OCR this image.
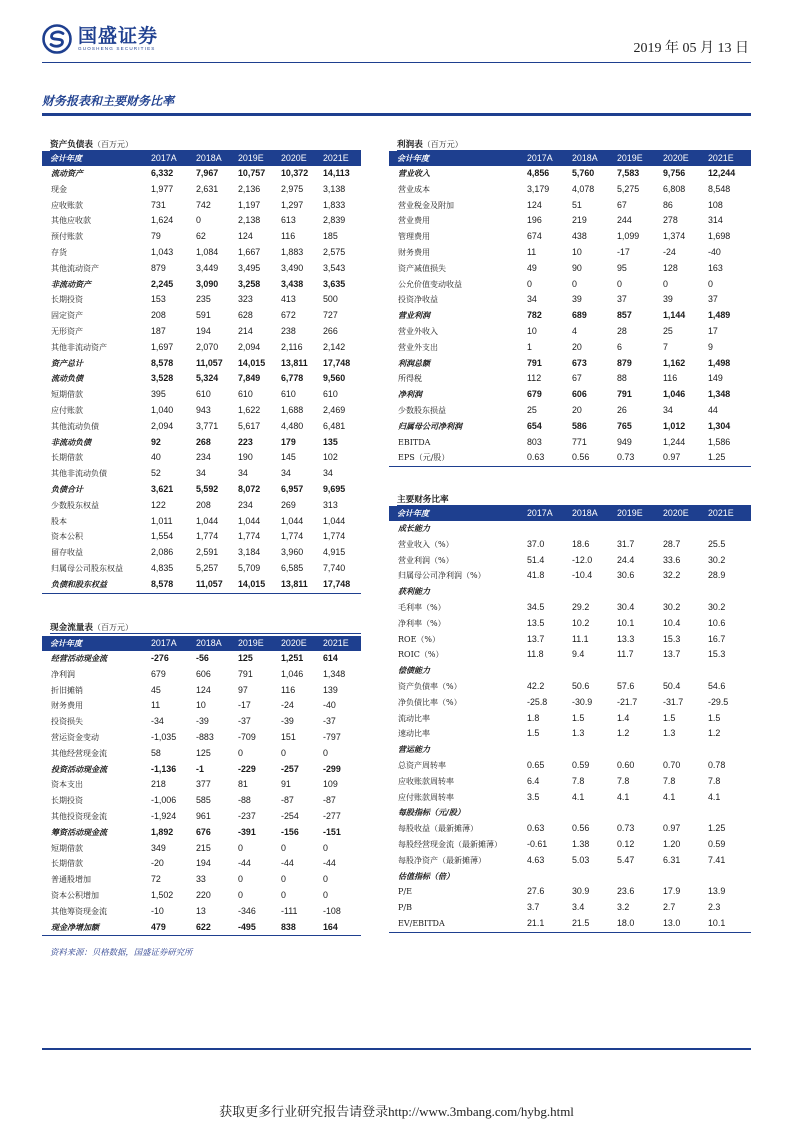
国盛证券
GUOSHENG SECURITIES	2019 年 05 月 13 日
财务报表和主要财务比率
资产负债表（百万元）
会计年度	2017A	2018A	2019E	2020E	2021E
流动资产	6,332	7,967	10,757	10,372	14,113
现金	1,977	2,631	2,136	2,975	3,138
应收账款	731	742	1,197	1,297	1,833
其他应收款	1,624	0	2,138	613	2,839
预付账款	79	62	124	116	185
存货	1,043	1,084	1,667	1,883	2,575
其他流动资产	879	3,449	3,495	3,490	3,543
非流动资产	2,245	3,090	3,258	3,438	3,635
长期投资	153	235	323	413	500
固定资产	208	591	628	672	727
无形资产	187	194	214	238	266
其他非流动资产	1,697	2,070	2,094	2,116	2,142
资产总计	8,578	11,057	14,015	13,811	17,748
流动负债	3,528	5,324	7,849	6,778	9,560
短期借款	395	610	610	610	610
应付账款	1,040	943	1,622	1,688	2,469
其他流动负债	2,094	3,771	5,617	4,480	6,481
非流动负债	92	268	223	179	135
长期借款	40	234	190	145	102
其他非流动负债	52	34	34	34	34
负债合计	3,621	5,592	8,072	6,957	9,695
少数股东权益	122	208	234	269	313
股本	1,011	1,044	1,044	1,044	1,044
资本公积	1,554	1,774	1,774	1,774	1,774
留存收益	2,086	2,591	3,184	3,960	4,915
归属母公司股东权益	4,835	5,257	5,709	6,585	7,740
负债和股东权益	8,578	11,057	14,015	13,811	17,748
现金流量表（百万元）
会计年度	2017A	2018A	2019E	2020E	2021E
经营活动现金流	-276	-56	125	1,251	614
净利润	679	606	791	1,046	1,348
折旧摊销	45	124	97	116	139
财务费用	11	10	-17	-24	-40
投资损失	-34	-39	-37	-39	-37
营运资金变动	-1,035	-883	-709	151	-797
其他经营现金流	58	125	0	0	0
投资活动现金流	-1,136	-1	-229	-257	-299
资本支出	218	377	81	91	109
长期投资	-1,006	585	-88	-87	-87
其他投资现金流	-1,924	961	-237	-254	-277
筹资活动现金流	1,892	676	-391	-156	-151
短期借款	349	215	0	0	0
长期借款	-20	194	-44	-44	-44
普通股增加	72	33	0	0	0
资本公积增加	1,502	220	0	0	0
其他筹资现金流	-10	13	-346	-111	-108
现金净增加额	479	622	-495	838	164
利润表（百万元）
会计年度	2017A	2018A	2019E	2020E	2021E
营业收入	4,856	5,760	7,583	9,756	12,244
营业成本	3,179	4,078	5,275	6,808	8,548
营业税金及附加	124	51	67	86	108
营业费用	196	219	244	278	314
管理费用	674	438	1,099	1,374	1,698
财务费用	11	10	-17	-24	-40
资产减值损失	49	90	95	128	163
公允价值变动收益	0	0	0	0	0
投资净收益	34	39	37	39	37
营业利润	782	689	857	1,144	1,489
营业外收入	10	4	28	25	17
营业外支出	1	20	6	7	9
利润总额	791	673	879	1,162	1,498
所得税	112	67	88	116	149
净利润	679	606	791	1,046	1,348
少数股东损益	25	20	26	34	44
归属母公司净利润	654	586	765	1,012	1,304
EBITDA	803	771	949	1,244	1,586
EPS（元/股）	0.63	0.56	0.73	0.97	1.25
主要财务比率
会计年度	2017A	2018A	2019E	2020E	2021E
成长能力					
营业收入（%）	37.0	18.6	31.7	28.7	25.5
营业利润（%）	51.4	-12.0	24.4	33.6	30.2
归属母公司净利润（%）	41.8	-10.4	30.6	32.2	28.9
获利能力					
毛利率（%）	34.5	29.2	30.4	30.2	30.2
净利率（%）	13.5	10.2	10.1	10.4	10.6
ROE（%）	13.7	11.1	13.3	15.3	16.7
ROIC（%）	11.8	9.4	11.7	13.7	15.3
偿债能力					
资产负债率（%）	42.2	50.6	57.6	50.4	54.6
净负债比率（%）	-25.8	-30.9	-21.7	-31.7	-29.5
流动比率	1.8	1.5	1.4	1.5	1.5
速动比率	1.5	1.3	1.2	1.3	1.2
营运能力					
总资产周转率	0.65	0.59	0.60	0.70	0.78
应收账款周转率	6.4	7.8	7.8	7.8	7.8
应付账款周转率	3.5	4.1	4.1	4.1	4.1
每股指标（元/股）					
每股收益（最新摊薄）	0.63	0.56	0.73	0.97	1.25
每股经营现金流（最新摊薄）	-0.61	1.38	0.12	1.20	0.59
每股净资产（最新摊薄）	4.63	5.03	5.47	6.31	7.41
估值指标（倍）					
P/E	27.6	30.9	23.6	17.9	13.9
P/B	3.7	3.4	3.2	2.7	2.3
EV/EBITDA	21.1	21.5	18.0	13.0	10.1
资料来源：贝格数据，国盛证券研究所
获取更多行业研究报告请登录http://www.3mbang.com/hybg.html
